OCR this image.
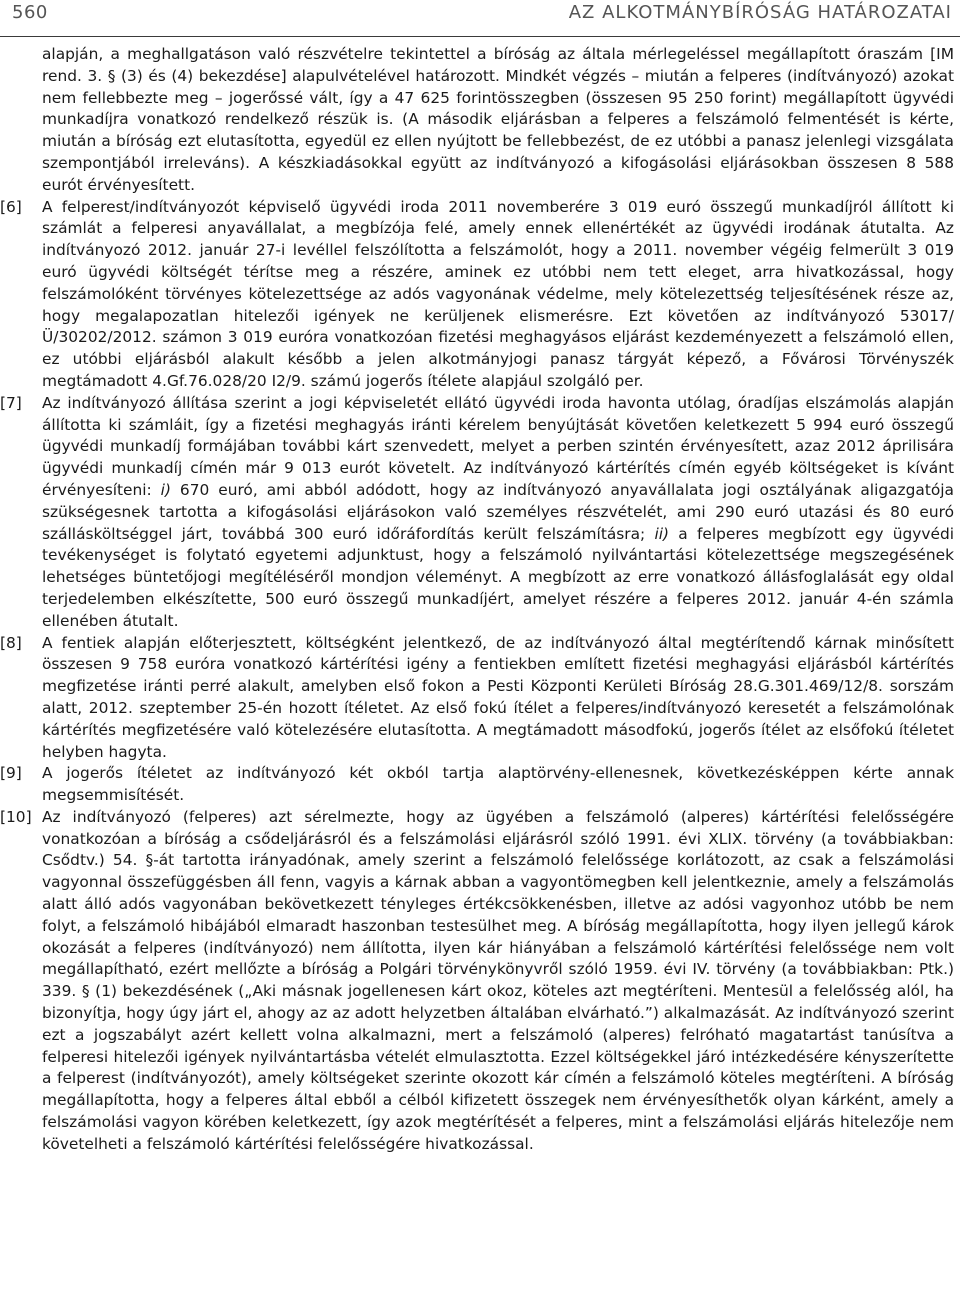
560	AZ ALKOTMÁNYBÍRÓSÁG HATÁROZATAI

alapján, a meghallgatáson való részvételre tekintettel a bíróság az általa mérlegeléssel megállapított óraszám [IM rend. 3. § (3) és (4) bekezdése] alapulvételével határozott. Mindkét végzés – miután a felperes (indítványozó) azokat nem fellebbezte meg – jogerőssé vált, így a 47 625 forintösszegben (összesen 95 250 forint) megállapított ügyvédi munkadíjra vonatkozó rendelkező részük is. (A második eljárásban a felperes a felszámoló felmentését is kérte, miután a bíróság ezt elutasította, egyedül ez ellen nyújtott be fellebbezést, de ez utóbbi a panasz jelenlegi vizsgálata szempontjából irreleváns). A készkiadásokkal együtt az indítványozó a kifogásolási eljárásokban összesen 8 588 eurót érvényesített.

[6]	A felperest/indítványozót képviselő ügyvédi iroda 2011 novemberére 3 019 euró összegű munkadíjról állított ki számlát a felperesi anyavállalat, a megbízója felé, amely ennek ellenértékét az ügyvédi irodának átutalta. Az indítványozó 2012. január 27-i levéllel felszólította a felszámolót, hogy a 2011. november végéig felmerült 3 019 euró ügyvédi költségét térítse meg a részére, aminek ez utóbbi nem tett eleget, arra hivatkozással, hogy felszámolóként törvényes kötelezettsége az adós vagyonának védelme, mely kötelezettség teljesítésének része az, hogy megalapozatlan hitelezői igények ne kerüljenek elismerésre. Ezt követően az indítványozó 53017/Ü/30202/2012. számon 3 019 euróra vonatkozóan fizetési meghagyásos eljárást kezdeményezett a felszámoló ellen, ez utóbbi eljárásból alakult később a jelen alkotmányjogi panasz tárgyát képező, a Fővárosi Törvényszék megtámadott 4.Gf.76.028/20 I2/9. számú jogerős ítélete alapjául szolgáló per.

[7]	Az indítványozó állítása szerint a jogi képviseletét ellátó ügyvédi iroda havonta utólag, óradíjas elszámolás alapján állította ki számláit, így a fizetési meghagyás iránti kérelem benyújtását követően keletkezett 5 994 euró összegű ügyvédi munkadíj formájában további kárt szenvedett, melyet a perben szintén érvényesített, azaz 2012 áprilisára ügyvédi munkadíj címén már 9 013 eurót követelt. Az indítványozó kártérítés címén egyéb költségeket is kívánt érvényesíteni: i) 670 euró, ami abból adódott, hogy az indítványozó anyavállalata jogi osztályának aligazgatója szükségesnek tartotta a kifogásolási eljárásokon való személyes részvételét, ami 290 euró utazási és 80 euró szállásköltséggel járt, továbbá 300 euró időráfordítás került felszámításra; ii) a felperes megbízott egy ügyvédi tevékenységet is folytató egyetemi adjunktust, hogy a felszámoló nyilvántartási kötelezettsége megszegésének lehetséges büntetőjogi megítéléséről mondjon véleményt. A megbízott az erre vonatkozó állásfoglalását egy oldal terjedelemben elkészítette, 500 euró összegű munkadíjért, amelyet részére a felperes 2012. január 4-én számla ellenében átutalt.

[8]	A fentiek alapján előterjesztett, költségként jelentkező, de az indítványozó által megtérítendő kárnak minősített összesen 9 758 euróra vonatkozó kártérítési igény a fentiekben említett fizetési meghagyási eljárásból kártérítés megfizetése iránti perré alakult, amelyben első fokon a Pesti Központi Kerületi Bíróság 28.G.301.469/12/8. sorszám alatt, 2012. szeptember 25-én hozott ítéletet. Az első fokú ítélet a felperes/indítványozó keresetét a felszámolónak kártérítés megfizetésére való kötelezésére elutasította. A megtámadott másodfokú, jogerős ítélet az elsőfokú ítéletet helyben hagyta.

[9]	A jogerős ítéletet az indítványozó két okból tartja alaptörvény-ellenesnek, következésképpen kérte annak megsemmisítését.

[10] Az indítványozó (felperes) azt sérelmezte, hogy az ügyében a felszámoló (alperes) kártérítési felelősségére vonatkozóan a bíróság a csődeljárásról és a felszámolási eljárásról szóló 1991. évi XLIX. törvény (a továbbiakban: Csődtv.) 54. §-át tartotta irányadónak, amely szerint a felszámoló felelőssége korlátozott, az csak a felszámolási vagyonnal összefüggésben áll fenn, vagyis a kárnak abban a vagyontömegben kell jelentkeznie, amely a felszámolás alatt álló adós vagyonában bekövetkezett tényleges értékcsökkenésben, illetve az adósi vagyonhoz utóbb be nem folyt, a felszámoló hibájából elmaradt haszonban testesülhet meg. A bíróság megállapította, hogy ilyen jellegű károk okozását a felperes (indítványozó) nem állította, ilyen kár hiányában a felszámoló kártérítési felelőssége nem volt megállapítható, ezért mellőzte a bíróság a Polgári törvénykönyvről szóló 1959. évi IV. törvény (a továbbiakban: Ptk.) 339. § (1) bekezdésének („Aki másnak jogellenesen kárt okoz, köteles azt megtéríteni. Mentesül a felelősség alól, ha bizonyítja, hogy úgy járt el, ahogy az az adott helyzetben általában elvárható.”) alkalmazását. Az indítványozó szerint ezt a jogszabályt azért kellett volna alkalmazni, mert a felszámoló (alperes) felróható magatartást tanúsítva a felperesi hitelezői igények nyilvántartásba vételét elmulasztotta. Ezzel költségekkel járó intézkedésére kényszerítette a felperest (indítványozót), amely költségeket szerinte okozott kár címén a felszámoló köteles megtéríteni. A bíróság megállapította, hogy a felperes által ebből a célból kifizetett összegek nem érvényesíthetők olyan kárként, amely a felszámolási vagyon körében keletkezett, így azok megtérítését a felperes, mint a felszámolási eljárás hitelezője nem követelheti a felszámoló kártérítési felelősségére hivatkozással.
